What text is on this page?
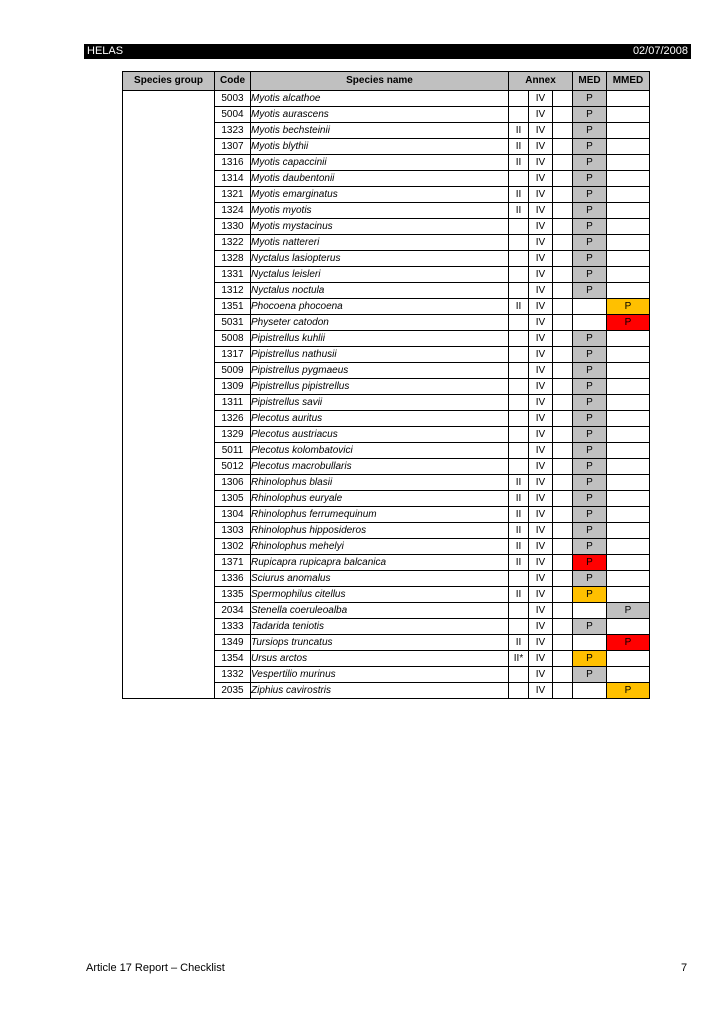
HELAS	02/07/2008
Species group	Code	Species name	Annex			MED	MMED
	5003	Myotis alcathoe		IV		P	
	5004	Myotis aurascens		IV		P	
	1323	Myotis bechsteinii	II	IV		P	
	1307	Myotis blythii	II	IV		P	
	1316	Myotis capaccinii	II	IV		P	
	1314	Myotis daubentonii		IV		P	
	1321	Myotis emarginatus	II	IV		P	
	1324	Myotis myotis	II	IV		P	
	1330	Myotis mystacinus		IV		P	
	1322	Myotis nattereri		IV		P	
	1328	Nyctalus lasiopterus		IV		P	
	1331	Nyctalus leisleri		IV		P	
	1312	Nyctalus noctula		IV		P	
	1351	Phocoena phocoena	II	IV			P
	5031	Physeter catodon		IV			P
	5008	Pipistrellus kuhlii		IV		P	
	1317	Pipistrellus nathusii		IV		P	
	5009	Pipistrellus pygmaeus		IV		P	
	1309	Pipistrellus pipistrellus		IV		P	
	1311	Pipistrellus savii		IV		P	
	1326	Plecotus auritus		IV		P	
	1329	Plecotus austriacus		IV		P	
	5011	Plecotus kolombatovici		IV		P	
	5012	Plecotus macrobullaris		IV		P	
	1306	Rhinolophus blasii	II	IV		P	
	1305	Rhinolophus euryale	II	IV		P	
	1304	Rhinolophus ferrumequinum	II	IV		P	
	1303	Rhinolophus hipposideros	II	IV		P	
	1302	Rhinolophus mehelyi	II	IV		P	
	1371	Rupicapra rupicapra balcanica	II	IV		P	
	1336	Sciurus anomalus		IV		P	
	1335	Spermophilus citellus	II	IV		P	
	2034	Stenella coeruleoalba		IV			P
	1333	Tadarida teniotis		IV		P	
	1349	Tursiops truncatus	II	IV			P
	1354	Ursus arctos	II*	IV		P	
	1332	Vespertilio murinus		IV		P	
	2035	Ziphius cavirostris		IV			P
Article 17 Report – Checklist	7
